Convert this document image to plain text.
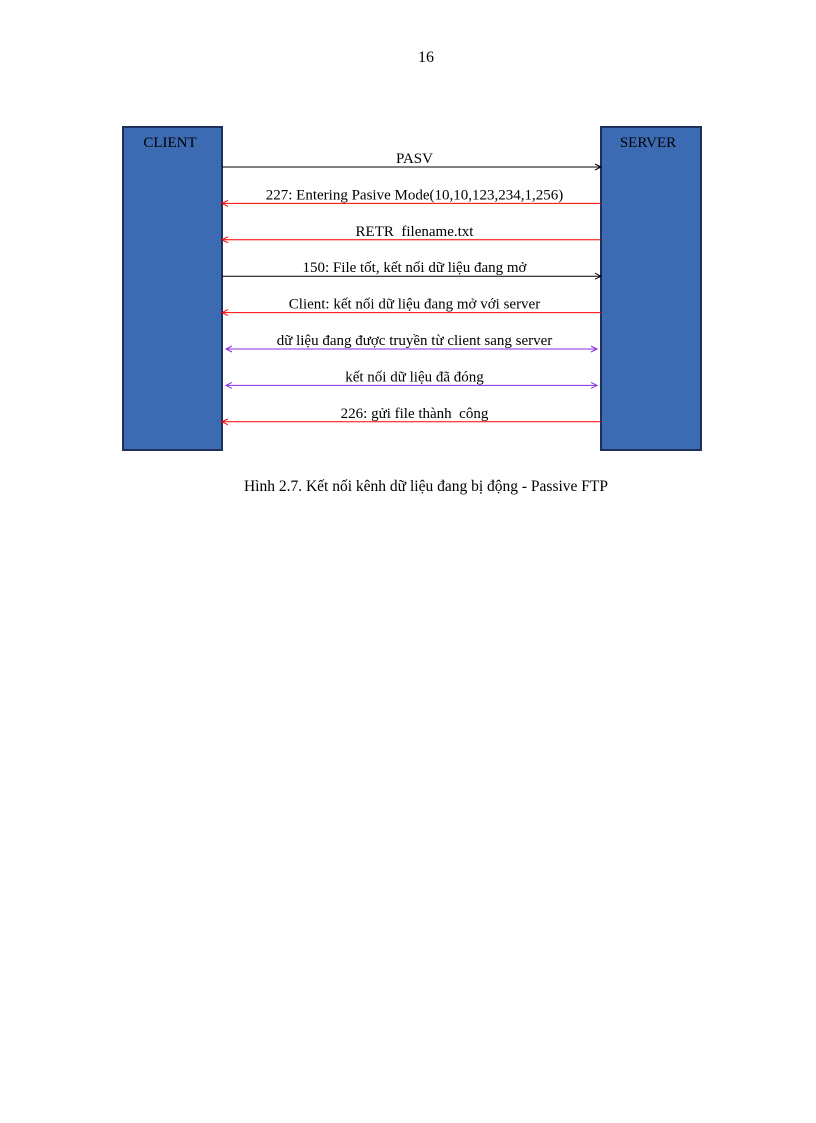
16
CLIENT	SERVER
PASV
227: Entering Pasive Mode(10,10,123,234,1,256)
RETR  filename.txt
150: File tốt, kết nối dữ liệu đang mở
Client: kết nối dữ liệu đang mở với server
dữ liệu đang được truyền từ client sang server
kết nối dữ liệu đã đóng
226: gửi file thành  công
Hình 2.7. Kết nối kênh dữ liệu đang bị động - Passive FTP
